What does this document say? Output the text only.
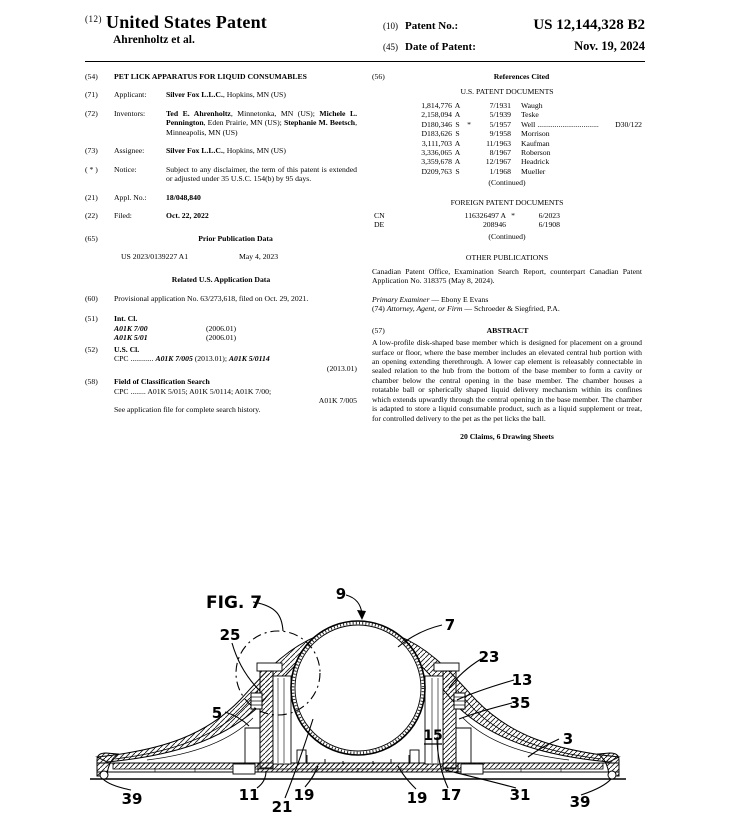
$^{(12)}$ United States Patent
Ahrenholtz et al.
(10) Patent No.:	US 12,144,328 B2
(45) Date of Patent:	Nov. 19, 2024
(54)	PET LICK APPARATUS FOR LIQUID CONSUMABLES
(71)	Applicant:	Silver Fox L.L.C., Hopkins, MN (US)
(72)	Inventors:	Ted E. Ahrenholtz, Minnetonka, MN (US); Michele L. Pennington, Eden Prairie, MN (US); Stephanie M. Beetsch, Minneapolis, MN (US)
(73)	Assignee:	Silver Fox L.L.C., Hopkins, MN (US)
( * )	Notice:	Subject to any disclaimer, the term of this patent is extended or adjusted under 35 U.S.C. 154(b) by 95 days.
(21)	Appl. No.:	18/048,840
(22)	Filed:	Oct. 22, 2022
(65)	Prior Publication Data
US 2023/0139227 A1	May 4, 2023
Related U.S. Application Data
(60)	Provisional application No. 63/273,618, filed on Oct. 29, 2021.
(51)	Int. Cl.
A01K 7/00	(2006.01)
A01K 5/01	(2006.01)
(52)	U.S. Cl.
CPC ............ A01K 7/005 (2013.01); A01K 5/0114
(2013.01)
(58)	Field of Classification Search
CPC ........ A01K 5/015; A01K 5/0114; A01K 7/00;
A01K 7/005
See application file for complete search history.
(56)	References Cited
U.S. PATENT DOCUMENTS
1,814,776 A	7/1931 Waugh
2,158,094 A	5/1939 Teske
D180,346 S *	5/1957 Well ................................	D30/122
D183,626 S	9/1958 Morrison
3,111,703 A	11/1963 Kaufman
3,336,065 A	8/1967 Roberson
3,359,678 A	12/1967 Headrick
D209,763 S	1/1968 Mueller
(Continued)
FOREIGN PATENT DOCUMENTS
CN	116326497 A *	6/2023
DE	208946	6/1908
(Continued)
OTHER PUBLICATIONS
Canadian Patent Office, Examination Search Report, counterpart Canadian Patent Application No. 318375 (May 8, 2024).
Primary Examiner — Ebony E Evans
(74) Attorney, Agent, or Firm — Schroeder & Siegfried, P.A.
(57)	ABSTRACT
A low-profile disk-shaped base member which is designed for placement on a ground surface or floor, where the base member includes an elevated central hub portion with an opening extending therethrough. A lower cap element is releasably connectable in sealed relation to the hub from the bottom of the base member to form a cavity or chamber below the central opening in the base member. The chamber houses a rotatable ball or spherically shaped liquid delivery mechanism within its confines which extends upwardly through the central opening in the base member. The chamber is adapted to store a liquid consumable product, such as a liquid supplement or treat, for controlled delivery to the pet as the pet licks the ball.
20 Claims, 6 Drawing Sheets
FIG. 7	9
7
25
23
13
35
5
15	3
39	11
21
19	19 17	31	39
